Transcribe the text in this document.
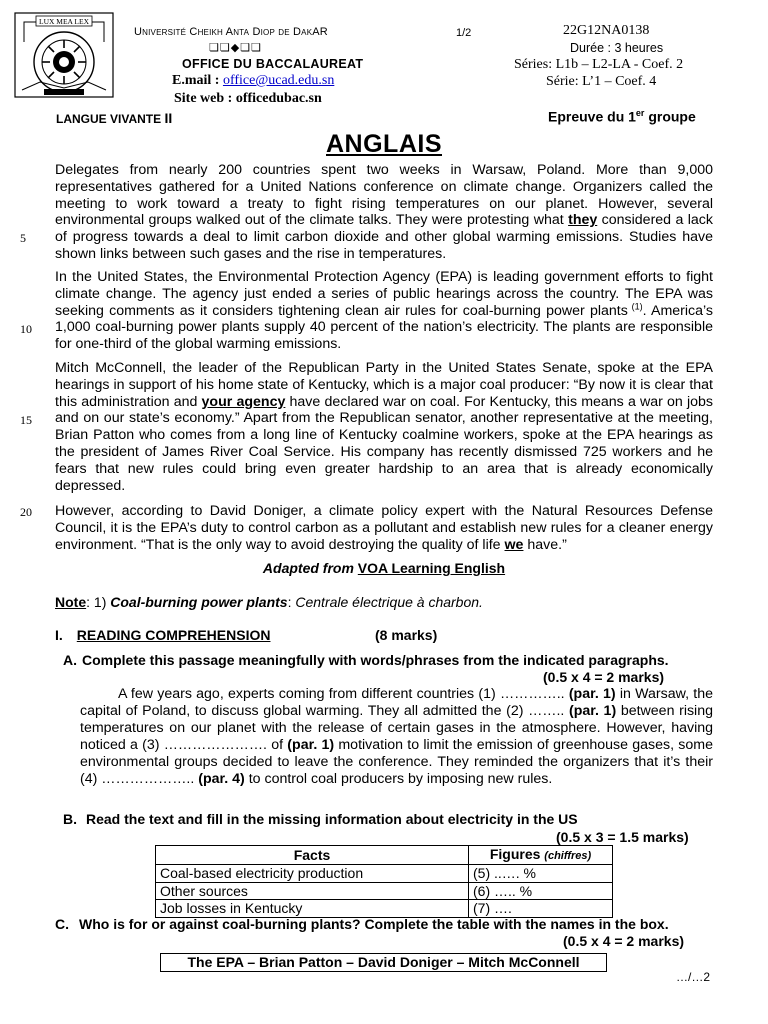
LUX MEA LEX
Université Cheikh Anta Diop de DakAR
❏❏◆❏❏
OFFICE DU BACCALAUREAT
E.mail : office@ucad.edu.sn
Site web : officedubac.sn
1/2	22G12NA0138
Durée : 3 heures
Séries: L1b – L2-LA - Coef. 2
Série: L’1 – Coef. 4
LANGUE VIVANTE II	Epreuve du 1er groupe
ANGLAIS
Delegates from nearly 200 countries spent two weeks in Warsaw, Poland. More than 9,000 representatives gathered for a United Nations conference on climate change. Organizers called the meeting to work toward a treaty to fight rising temperatures on our planet. However, several environmental groups walked out of the climate talks. They were protesting what they considered a lack of progress towards a deal to limit carbon dioxide and other global warming emissions. Studies have shown links between such gases and the rise in temperatures.
In the United States, the Environmental Protection Agency (EPA) is leading government efforts to fight climate change. The agency just ended a series of public hearings across the country. The EPA was seeking comments as it considers tightening clean air rules for coal-burning power plants $^{(1)}$. America’s 1,000 coal-burning power plants supply 40 percent of the nation’s electricity. The plants are responsible for one-third of the global warming emissions.
Mitch McConnell, the leader of the Republican Party in the United States Senate, spoke at the EPA hearings in support of his home state of Kentucky, which is a major coal producer: “By now it is clear that this administration and your agency have declared war on coal. For Kentucky, this means a war on jobs and on our state’s economy.” Apart from the Republican senator, another representative at the meeting, Brian Patton who comes from a long line of Kentucky coalmine workers, spoke at the EPA hearings as the president of James River Coal Service. His company has recently dismissed 725 workers and he fears that new rules could bring even greater hardship to an area that is already economically depressed.
However, according to David Doniger, a climate policy expert with the Natural Resources Defense Council, it is the EPA’s duty to control carbon as a pollutant and establish new rules for a cleaner energy environment. “That is the only way to avoid destroying the quality of life we have.”
5
10
15
20
Adapted from VOA Learning English
Note: 1) Coal-burning power plants: Centrale électrique à charbon.
I. READING COMPREHENSION	(8 marks)
A. Complete this passage meaningfully with words/phrases from the indicated paragraphs.
(0.5 x 4 = 2 marks)
A few years ago, experts coming from different countries (1) ………….. (par. 1) in Warsaw, the capital of Poland, to discuss global warming. They all admitted the (2) …….. (par. 1) between rising temperatures on our planet with the release of certain gases in the atmosphere. However, having noticed a (3) …………………. of (par. 1) motivation to limit the emission of greenhouse gases, some environmental groups decided to leave the conference. They reminded the organizers that it’s their (4) ……………….. (par. 4) to control coal producers by imposing new rules.
B. Read the text and fill in the missing information about electricity in the US
(0.5 x 3 = 1.5 marks)
Facts	Figures (chiffres)
Coal-based electricity production	(5) ..…. %
Other sources	(6) ….. %
Job losses in Kentucky	(7) ….
C. Who is for or against coal-burning plants? Complete the table with the names in the box.
(0.5 x 4 = 2 marks)
The EPA – Brian Patton – David Doniger – Mitch McConnell
…/…2
